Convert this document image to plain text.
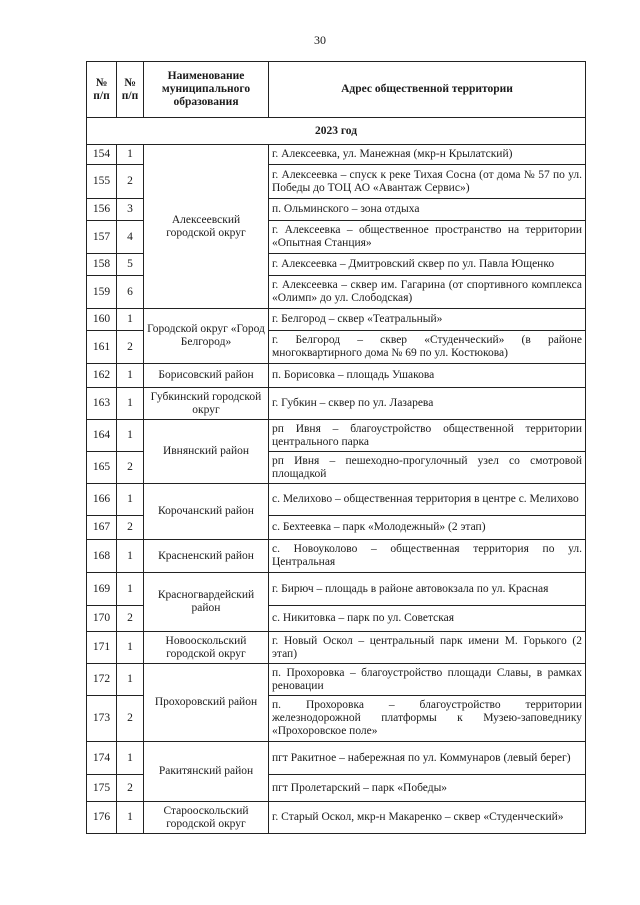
30
№ п/п	№ п/п	Наименование муниципального образования	Адрес общественной территории
2023 год			
154	1	Алексеевский городской округ	г. Алексеевка, ул. Манежная (мкр-н Крылатский)
155	2		г. Алексеевка – спуск к реке Тихая Сосна (от дома № 57 по ул. Победы до ТОЦ АО «Авантаж Сервис»)
156	3		п. Ольминского – зона отдыха
157	4		г. Алексеевка – общественное пространство на территории «Опытная Станция»
158	5		г. Алексеевка – Дмитровский сквер по ул. Павла Ющенко
159	6		г. Алексеевка – сквер им. Гагарина (от спортивного комплекса «Олимп» до ул. Слободская)
160	1	Городской округ «Город Белгород»	г. Белгород – сквер «Театральный»
161	2		г. Белгород – сквер «Студенческий» (в районе многоквартирного дома № 69 по ул. Костюкова)
162	1	Борисовский район	п. Борисовка – площадь Ушакова
163	1	Губкинский городской округ	г. Губкин – сквер по ул. Лазарева
164	1	Ивнянский район	рп Ивня – благоустройство общественной территории центрального парка
165	2		рп Ивня – пешеходно-прогулочный узел со смотровой площадкой
166	1	Корочанский район	с. Мелихово – общественная территория в центре с. Мелихово
167	2		с. Бехтеевка – парк «Молодежный» (2 этап)
168	1	Красненский район	с. Новоуколово – общественная территория по ул. Центральная
169	1	Красногвардейский район	г. Бирюч – площадь в районе автовокзала по ул. Красная
170	2		с. Никитовка – парк по ул. Советская
171	1	Новооскольский городской округ	г. Новый Оскол – центральный парк имени М. Горького (2 этап)
172	1	Прохоровский район	п. Прохоровка – благоустройство площади Славы, в рамках реновации
173	2		п. Прохоровка – благоустройство территории железнодорожной платформы к Музею-заповеднику «Прохоровское поле»
174	1	Ракитянский район	пгт Ракитное – набережная по ул. Коммунаров (левый берег)
175	2		пгт Пролетарский – парк «Победы»
176	1	Старооскольский городской округ	г. Старый Оскол, мкр-н Макаренко – сквер «Студенческий»
